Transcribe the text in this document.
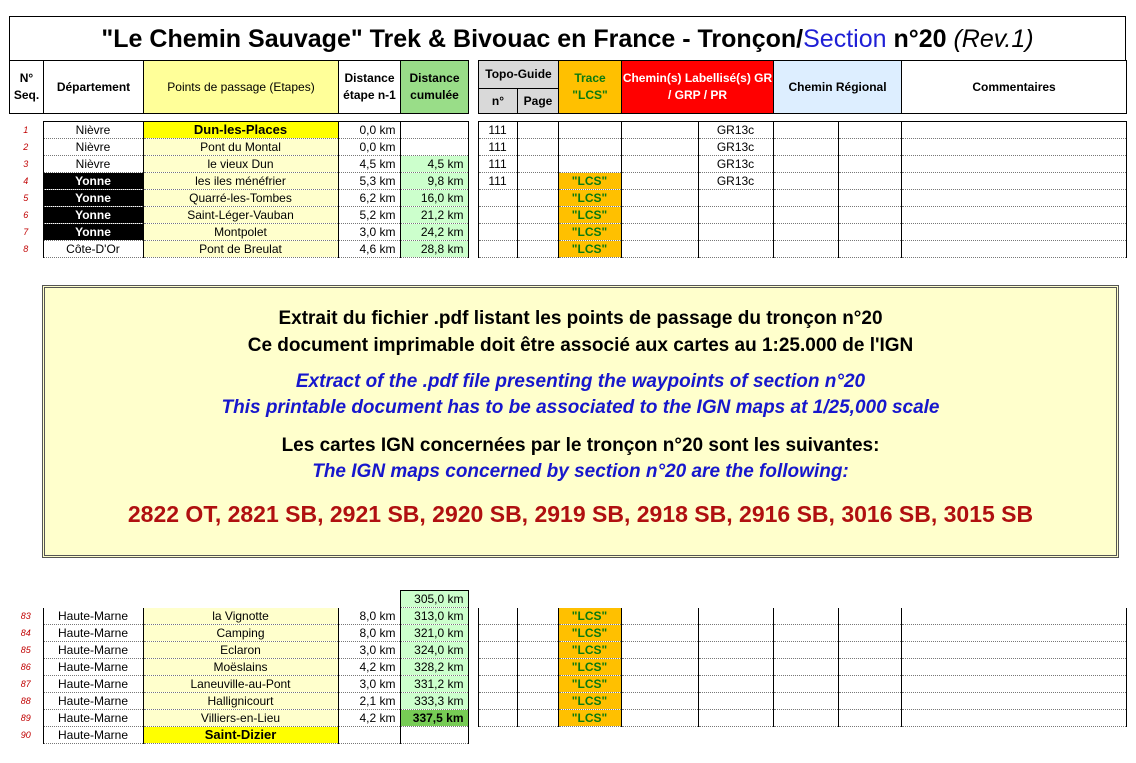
"Le Chemin Sauvage" Trek & Bivouac en France - Tronçon/Section n°20 (Rev.1)
N° Seq.	Département	Points de passage (Etapes)	Distance étape n-1	Distance cumulée		Topo-Guide		Trace "LCS"	Chemin(s) Labellisé(s) GR / GRP / PR	Chemin Régional	Commentaires
						n°	Page				
1	Nièvre	Dun-les-Places	0,0 km			111				GR13c			
2	Nièvre	Pont du Montal	0,0 km			111				GR13c			
3	Nièvre	le vieux Dun	4,5 km	4,5 km		111				GR13c			
4	Yonne	les iles ménéfrier	5,3 km	9,8 km		111		"LCS"		GR13c			
5	Yonne	Quarré-les-Tombes	6,2 km	16,0 km				"LCS"					
6	Yonne	Saint-Léger-Vauban	5,2 km	21,2 km				"LCS"					
7	Yonne	Montpolet	3,0 km	24,2 km				"LCS"					
8	Côte-D'Or	Pont de Breulat	4,6 km	28,8 km				"LCS"					
Extrait du fichier .pdf listant les points de passage du tronçon n°20
Ce document imprimable doit être associé aux cartes au 1:25.000 de l'IGN
Extract of the .pdf file presenting the waypoints of section n°20
This printable document has to be associated to the IGN maps at 1/25,000 scale
Les cartes IGN concernées par le tronçon n°20 sont les suivantes:
The IGN maps concerned by section n°20 are the following:
2822 OT, 2821 SB, 2921 SB, 2920 SB, 2919 SB, 2918 SB, 2916 SB, 3016 SB, 3015 SB
				305,0 km									
83	Haute-Marne	la Vignotte	8,0 km	313,0 km				"LCS"					
84	Haute-Marne	Camping	8,0 km	321,0 km				"LCS"					
85	Haute-Marne	Eclaron	3,0 km	324,0 km				"LCS"					
86	Haute-Marne	Moëslains	4,2 km	328,2 km				"LCS"					
87	Haute-Marne	Laneuville-au-Pont	3,0 km	331,2 km				"LCS"					
88	Haute-Marne	Hallignicourt	2,1 km	333,3 km				"LCS"					
89	Haute-Marne	Villiers-en-Lieu	4,2 km	337,5 km				"LCS"					
90	Haute-Marne	Saint-Dizier											
